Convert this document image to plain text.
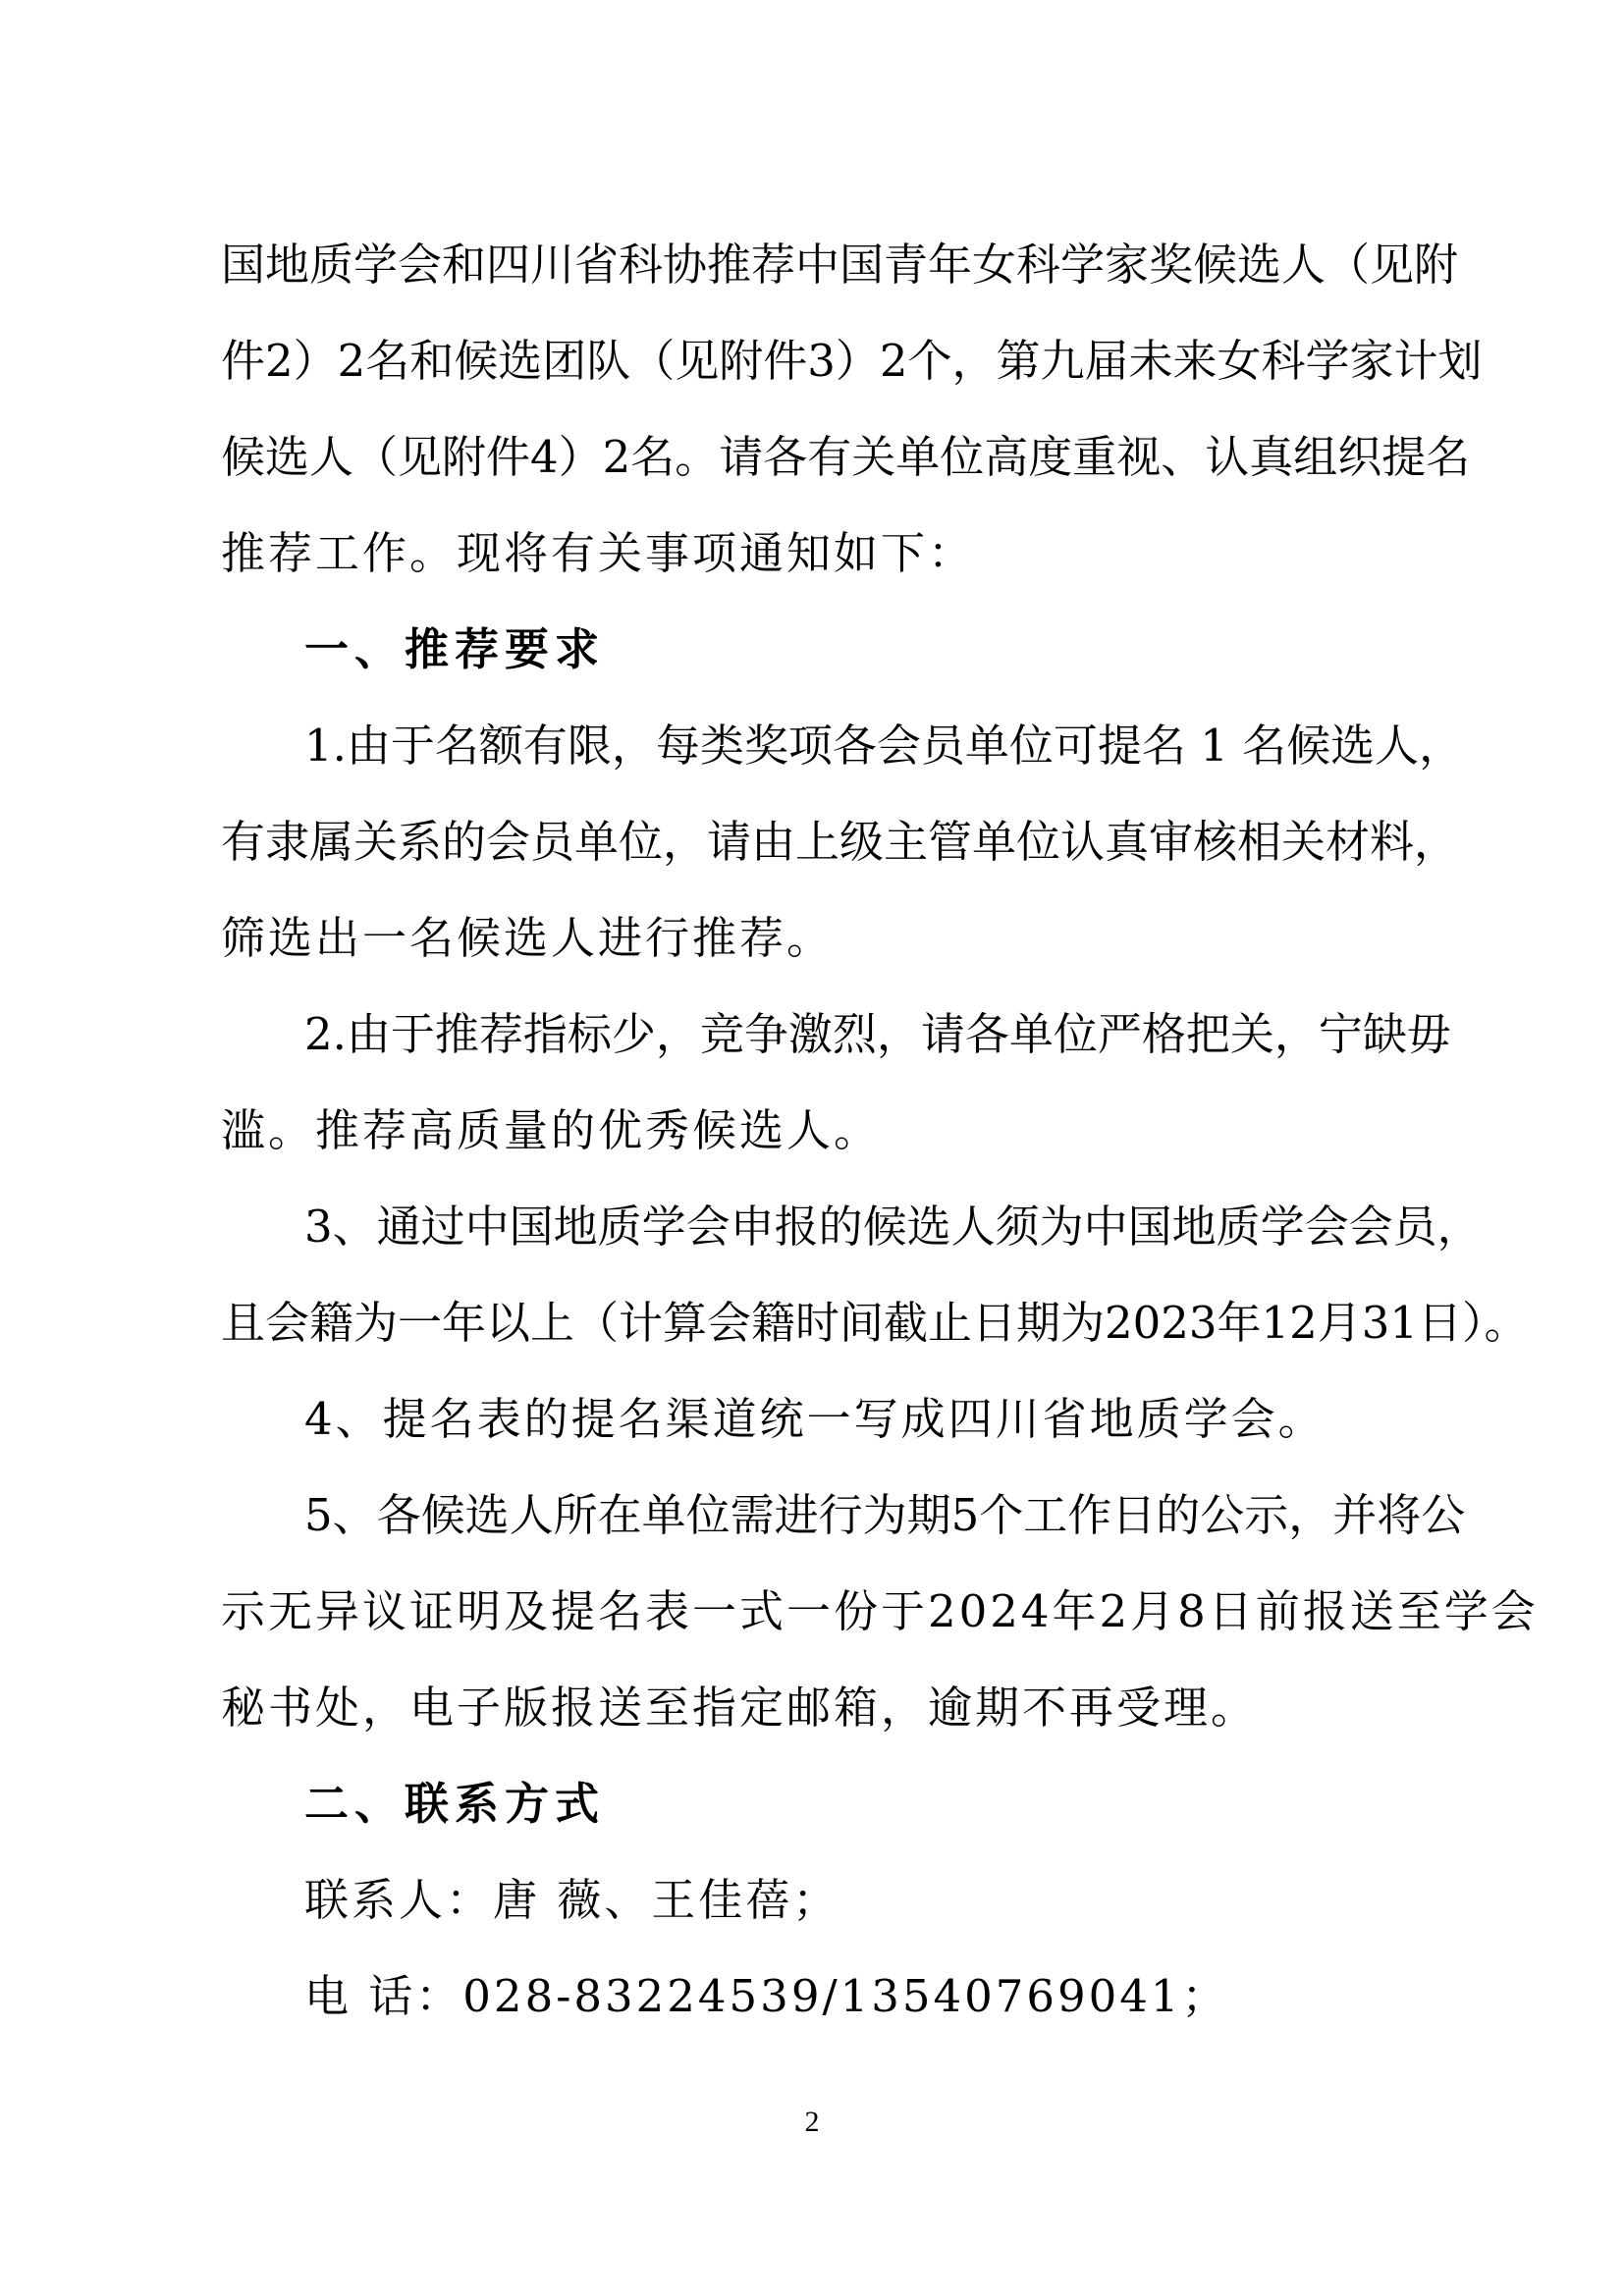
国地质学会和四川省科协推荐中国青年女科学家奖候选人（见附
件2）2名和候选团队（见附件3）2个，第九届未来女科学家计划
候选人（见附件4）2名。请各有关单位高度重视、认真组织提名
推荐工作。现将有关事项通知如下：
一、推荐要求
1.由于名额有限，每类奖项各会员单位可提名 1 名候选人，
有隶属关系的会员单位，请由上级主管单位认真审核相关材料，
筛选出一名候选人进行推荐。
2.由于推荐指标少，竞争激烈，请各单位严格把关，宁缺毋
滥。推荐高质量的优秀候选人。
3、通过中国地质学会申报的候选人须为中国地质学会会员，
且会籍为一年以上（计算会籍时间截止日期为2023年12月31日）。
4、提名表的提名渠道统一写成四川省地质学会。
5、各候选人所在单位需进行为期5个工作日的公示，并将公
示无异议证明及提名表一式一份于2024年2月8日前报送至学会
秘书处，电子版报送至指定邮箱，逾期不再受理。
二、联系方式
联系人：唐 薇、王佳蓓；
电 话：028-83224539/13540769041；
2
